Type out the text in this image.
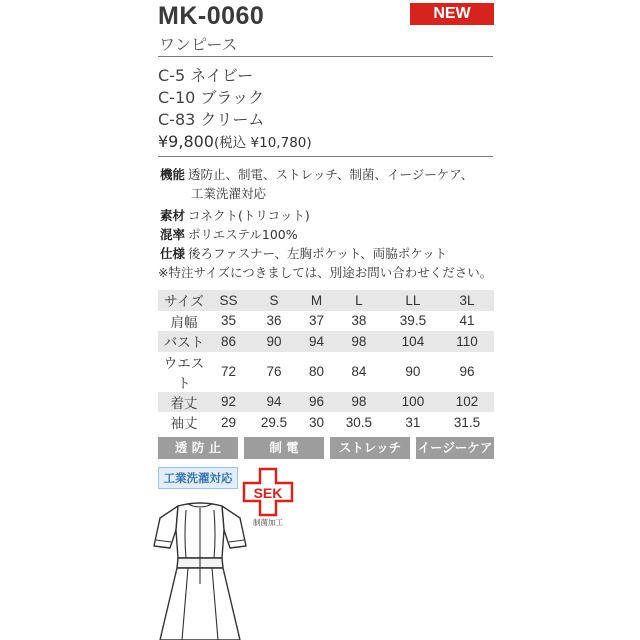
MK-0060	NEW
ワンピース
C-5 ネイビー
C-10 ブラック
C-83 クリーム
¥9,800(税込 ¥10,780)
機能 透防止、制電、ストレッチ、制菌、イージーケア、
工業洗濯対応
素材 コネクト(トリコット)
混率 ポリエステル100%
仕様 後ろファスナー、左胸ポケット、両脇ポケット
※特注サイズにつきましては、別途お問い合わせください。
サイズ	SS	S	M	L	LL	3L
肩幅	35	36	37	38	39.5	41
バスト	86	90	94	98	104	110
ウエスト	72	76	80	84	90	96
着丈	92	94	96	98	100	102
袖丈	29	29.5	30	30.5	31	31.5
透 防 止	制 電	ストレッチ	イージーケア
工業洗濯対応
SEK
制菌加工
